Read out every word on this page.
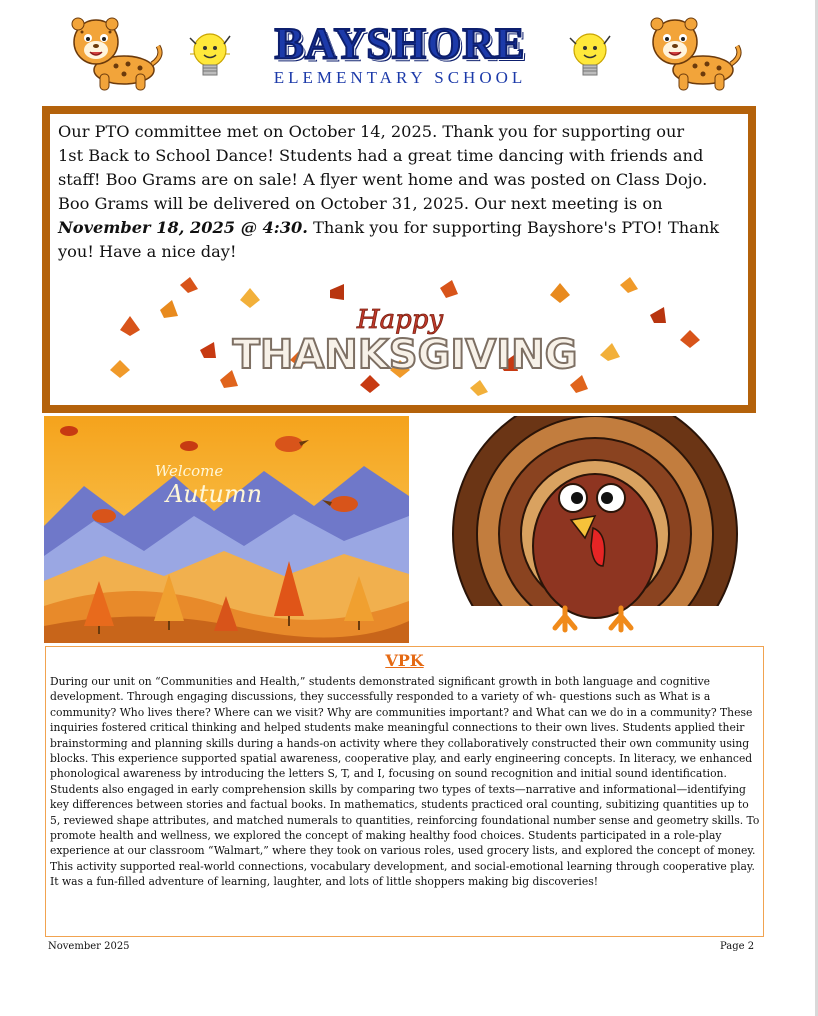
BAYSHORE
ELEMENTARY SCHOOL
Our PTO committee met on October 14, 2025. Thank you for supporting our
1st Back to School Dance! Students had a great time dancing with friends and
staff! Boo Grams are on sale! A flyer went home and was posted on Class Dojo.
Boo Grams will be delivered on October 31, 2025. Our next meeting is on
November 18, 2025 @ 4:30. Thank you for supporting Bayshore's PTO! Thank
you! Have a nice day!
Happy
THANKSGIVING
Welcome
Autumn
VPK
During our unit on “Communities and Health,” students demonstrated significant growth in both language and cognitive development. Through engaging discussions, they successfully responded to a variety of wh- questions such as What is a community? Who lives there? Where can we visit? Why are communities important? and What can we do in a community? These inquiries fostered critical thinking and helped students make meaningful connections to their own lives. Students applied their brainstorming and planning skills during a hands-on activity where they collaboratively constructed their own community using blocks. This experience supported spatial awareness, cooperative play, and early engineering concepts. In literacy, we enhanced phonological awareness by introducing the letters S, T, and I, focusing on sound recognition and initial sound identification. Students also engaged in early comprehension skills by comparing two types of texts—narrative and informational—identifying key differences between stories and factual books. In mathematics, students practiced oral counting, subitizing quantities up to 5, reviewed shape attributes, and matched numerals to quantities, reinforcing foundational number sense and geometry skills. To promote health and wellness, we explored the concept of making healthy food choices. Students participated in a role-play experience at our classroom “Walmart,” where they took on various roles, used grocery lists, and explored the concept of money. This activity supported real-world connections, vocabulary development, and social-emotional learning through cooperative play. It was a fun-filled adventure of learning, laughter, and lots of little shoppers making big discoveries!
November 2025	Page 2
